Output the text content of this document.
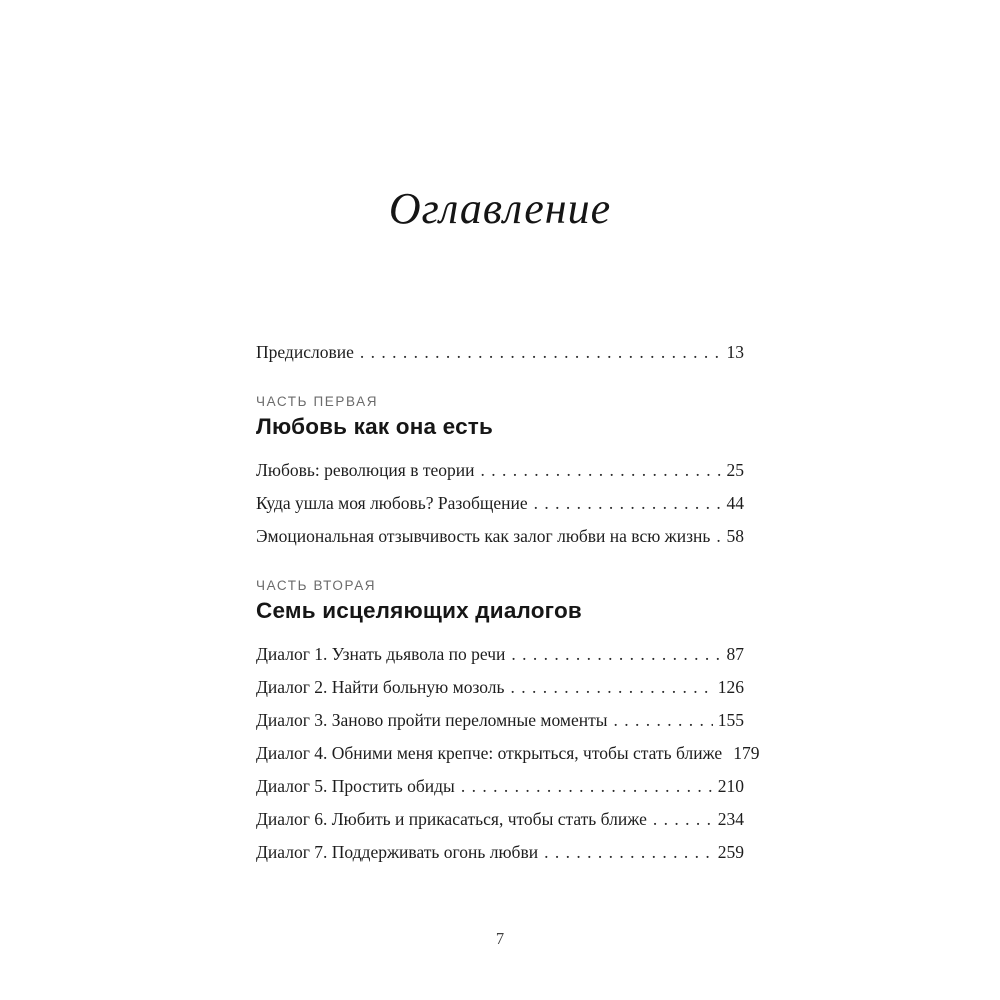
Оглавление
Предисловие . . .	13
ЧАСТЬ ПЕРВАЯ
Любовь как она есть
Любовь: революция в теории . . .	25
Куда ушла моя любовь? Разобщение . . .	44
Эмоциональная отзывчивость как залог любви на всю жизнь . . . 58
ЧАСТЬ ВТОРАЯ
Семь исцеляющих диалогов
Диалог 1. Узнать дьявола по речи . . .	87
Диалог 2. Найти больную мозоль . . .	126
Диалог 3. Заново пройти переломные моменты . . .	155
Диалог 4. Обними меня крепче: открыться, чтобы стать ближе 179
Диалог 5. Простить обиды . . .	210
Диалог 6. Любить и прикасаться, чтобы стать ближе . . .	234
Диалог 7. Поддерживать огонь любви . . .	259
7
